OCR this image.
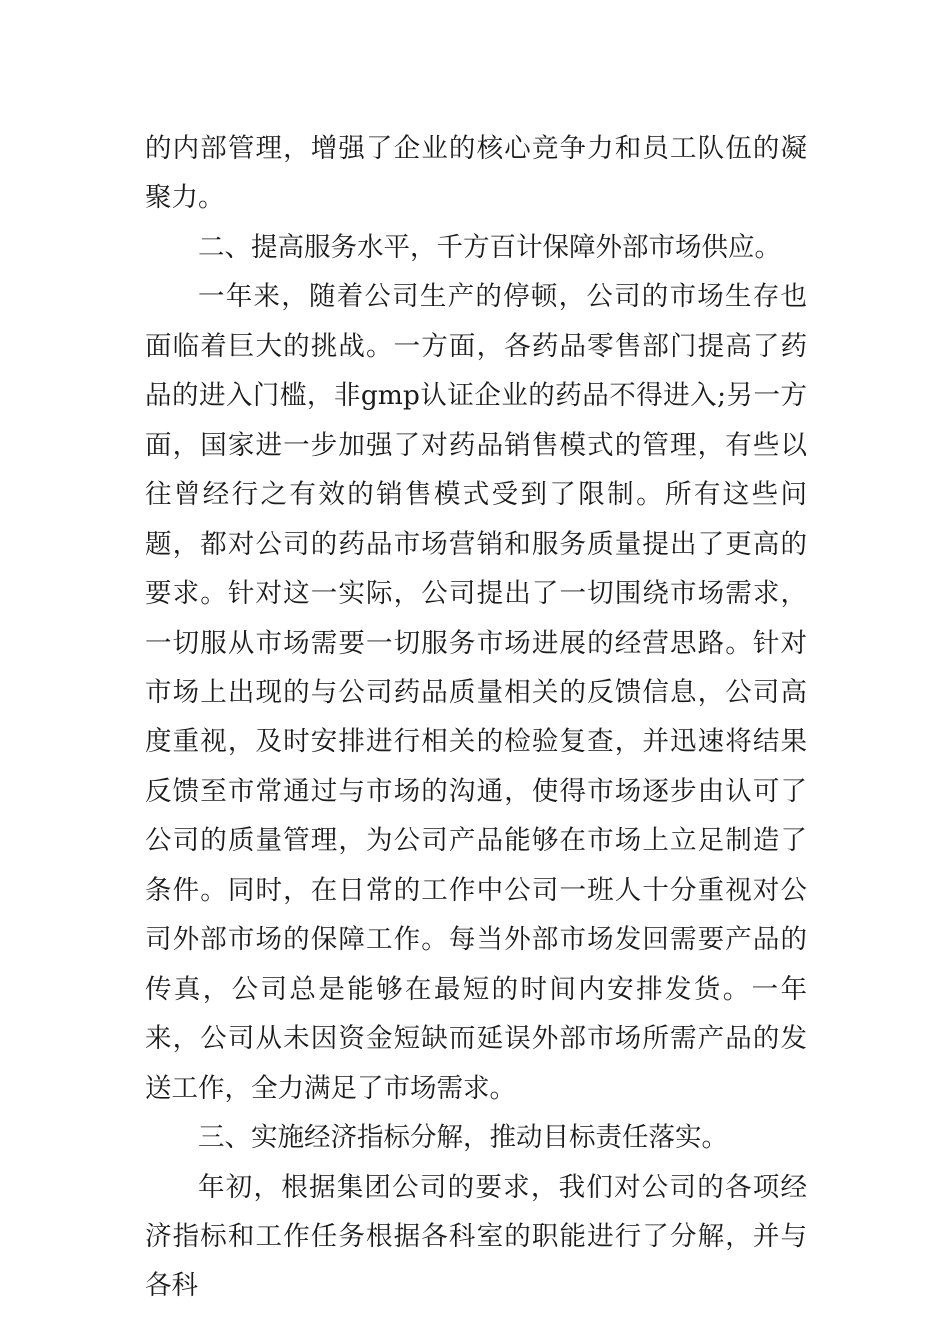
的内部管理，增强了企业的核心竞争力和员工队伍的凝聚力。

二、提高服务水平，千方百计保障外部市场供应。

一年来，随着公司生产的停顿，公司的市场生存也面临着巨大的挑战。一方面，各药品零售部门提高了药品的进入门槛，非gmp认证企业的药品不得进入;另一方面，国家进一步加强了对药品销售模式的管理，有些以往曾经行之有效的销售模式受到了限制。所有这些问题，都对公司的药品市场营销和服务质量提出了更高的要求。针对这一实际，公司提出了一切围绕市场需求，一切服从市场需要一切服务市场进展的经营思路。针对市场上出现的与公司药品质量相关的反馈信息，公司高度重视，及时安排进行相关的检验复查，并迅速将结果反馈至市常通过与市场的沟通，使得市场逐步由认可了公司的质量管理，为公司产品能够在市场上立足制造了条件。同时，在日常的工作中公司一班人十分重视对公司外部市场的保障工作。每当外部市场发回需要产品的传真，公司总是能够在最短的时间内安排发货。一年来，公司从未因资金短缺而延误外部市场所需产品的发送工作，全力满足了市场需求。

三、实施经济指标分解，推动目标责任落实。

年初，根据集团公司的要求，我们对公司的各项经济指标和工作任务根据各科室的职能进行了分解，并与各科
